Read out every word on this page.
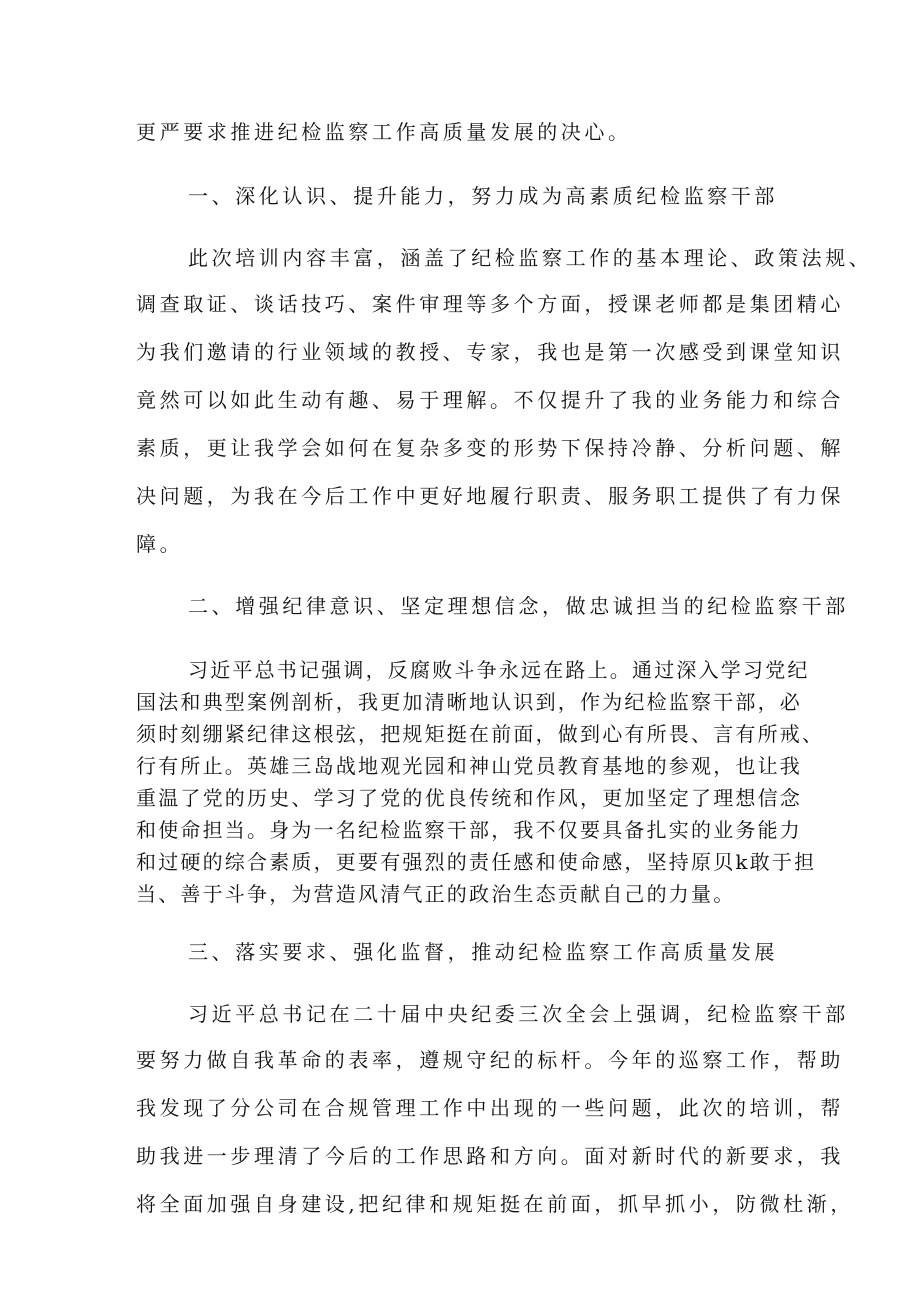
更严要求推进纪检监察工作高质量发展的决心。

一、深化认识、提升能力，努力成为高素质纪检监察干部

此次培训内容丰富，涵盖了纪检监察工作的基本理论、政策法规、

调查取证、谈话技巧、案件审理等多个方面，授课老师都是集团精心

为我们邀请的行业领域的教授、专家，我也是第一次感受到课堂知识

竟然可以如此生动有趣、易于理解。不仅提升了我的业务能力和综合

素质，更让我学会如何在复杂多变的形势下保持冷静、分析问题、解

决问题，为我在今后工作中更好地履行职责、服务职工提供了有力保

障。

二、增强纪律意识、坚定理想信念，做忠诚担当的纪检监察干部

习近平总书记强调，反腐败斗争永远在路上。通过深入学习党纪

国法和典型案例剖析，我更加清晰地认识到，作为纪检监察干部，必

须时刻绷紧纪律这根弦，把规矩挺在前面，做到心有所畏、言有所戒、

行有所止。英雄三岛战地观光园和神山党员教育基地的参观，也让我

重温了党的历史、学习了党的优良传统和作风，更加坚定了理想信念

和使命担当。身为一名纪检监察干部，我不仅要具备扎实的业务能力

和过硬的综合素质，更要有强烈的责任感和使命感，坚持原贝k敢于担

当、善于斗争，为营造风清气正的政治生态贡献自己的力量。

三、落实要求、强化监督，推动纪检监察工作高质量发展

习近平总书记在二十届中央纪委三次全会上强调，纪检监察干部

要努力做自我革命的表率，遵规守纪的标杆。今年的巡察工作，帮助

我发现了分公司在合规管理工作中出现的一些问题，此次的培训，帮

助我进一步理清了今后的工作思路和方向。面对新时代的新要求，我

将全面加强自身建设,把纪律和规矩挺在前面，抓早抓小，防微杜渐，
